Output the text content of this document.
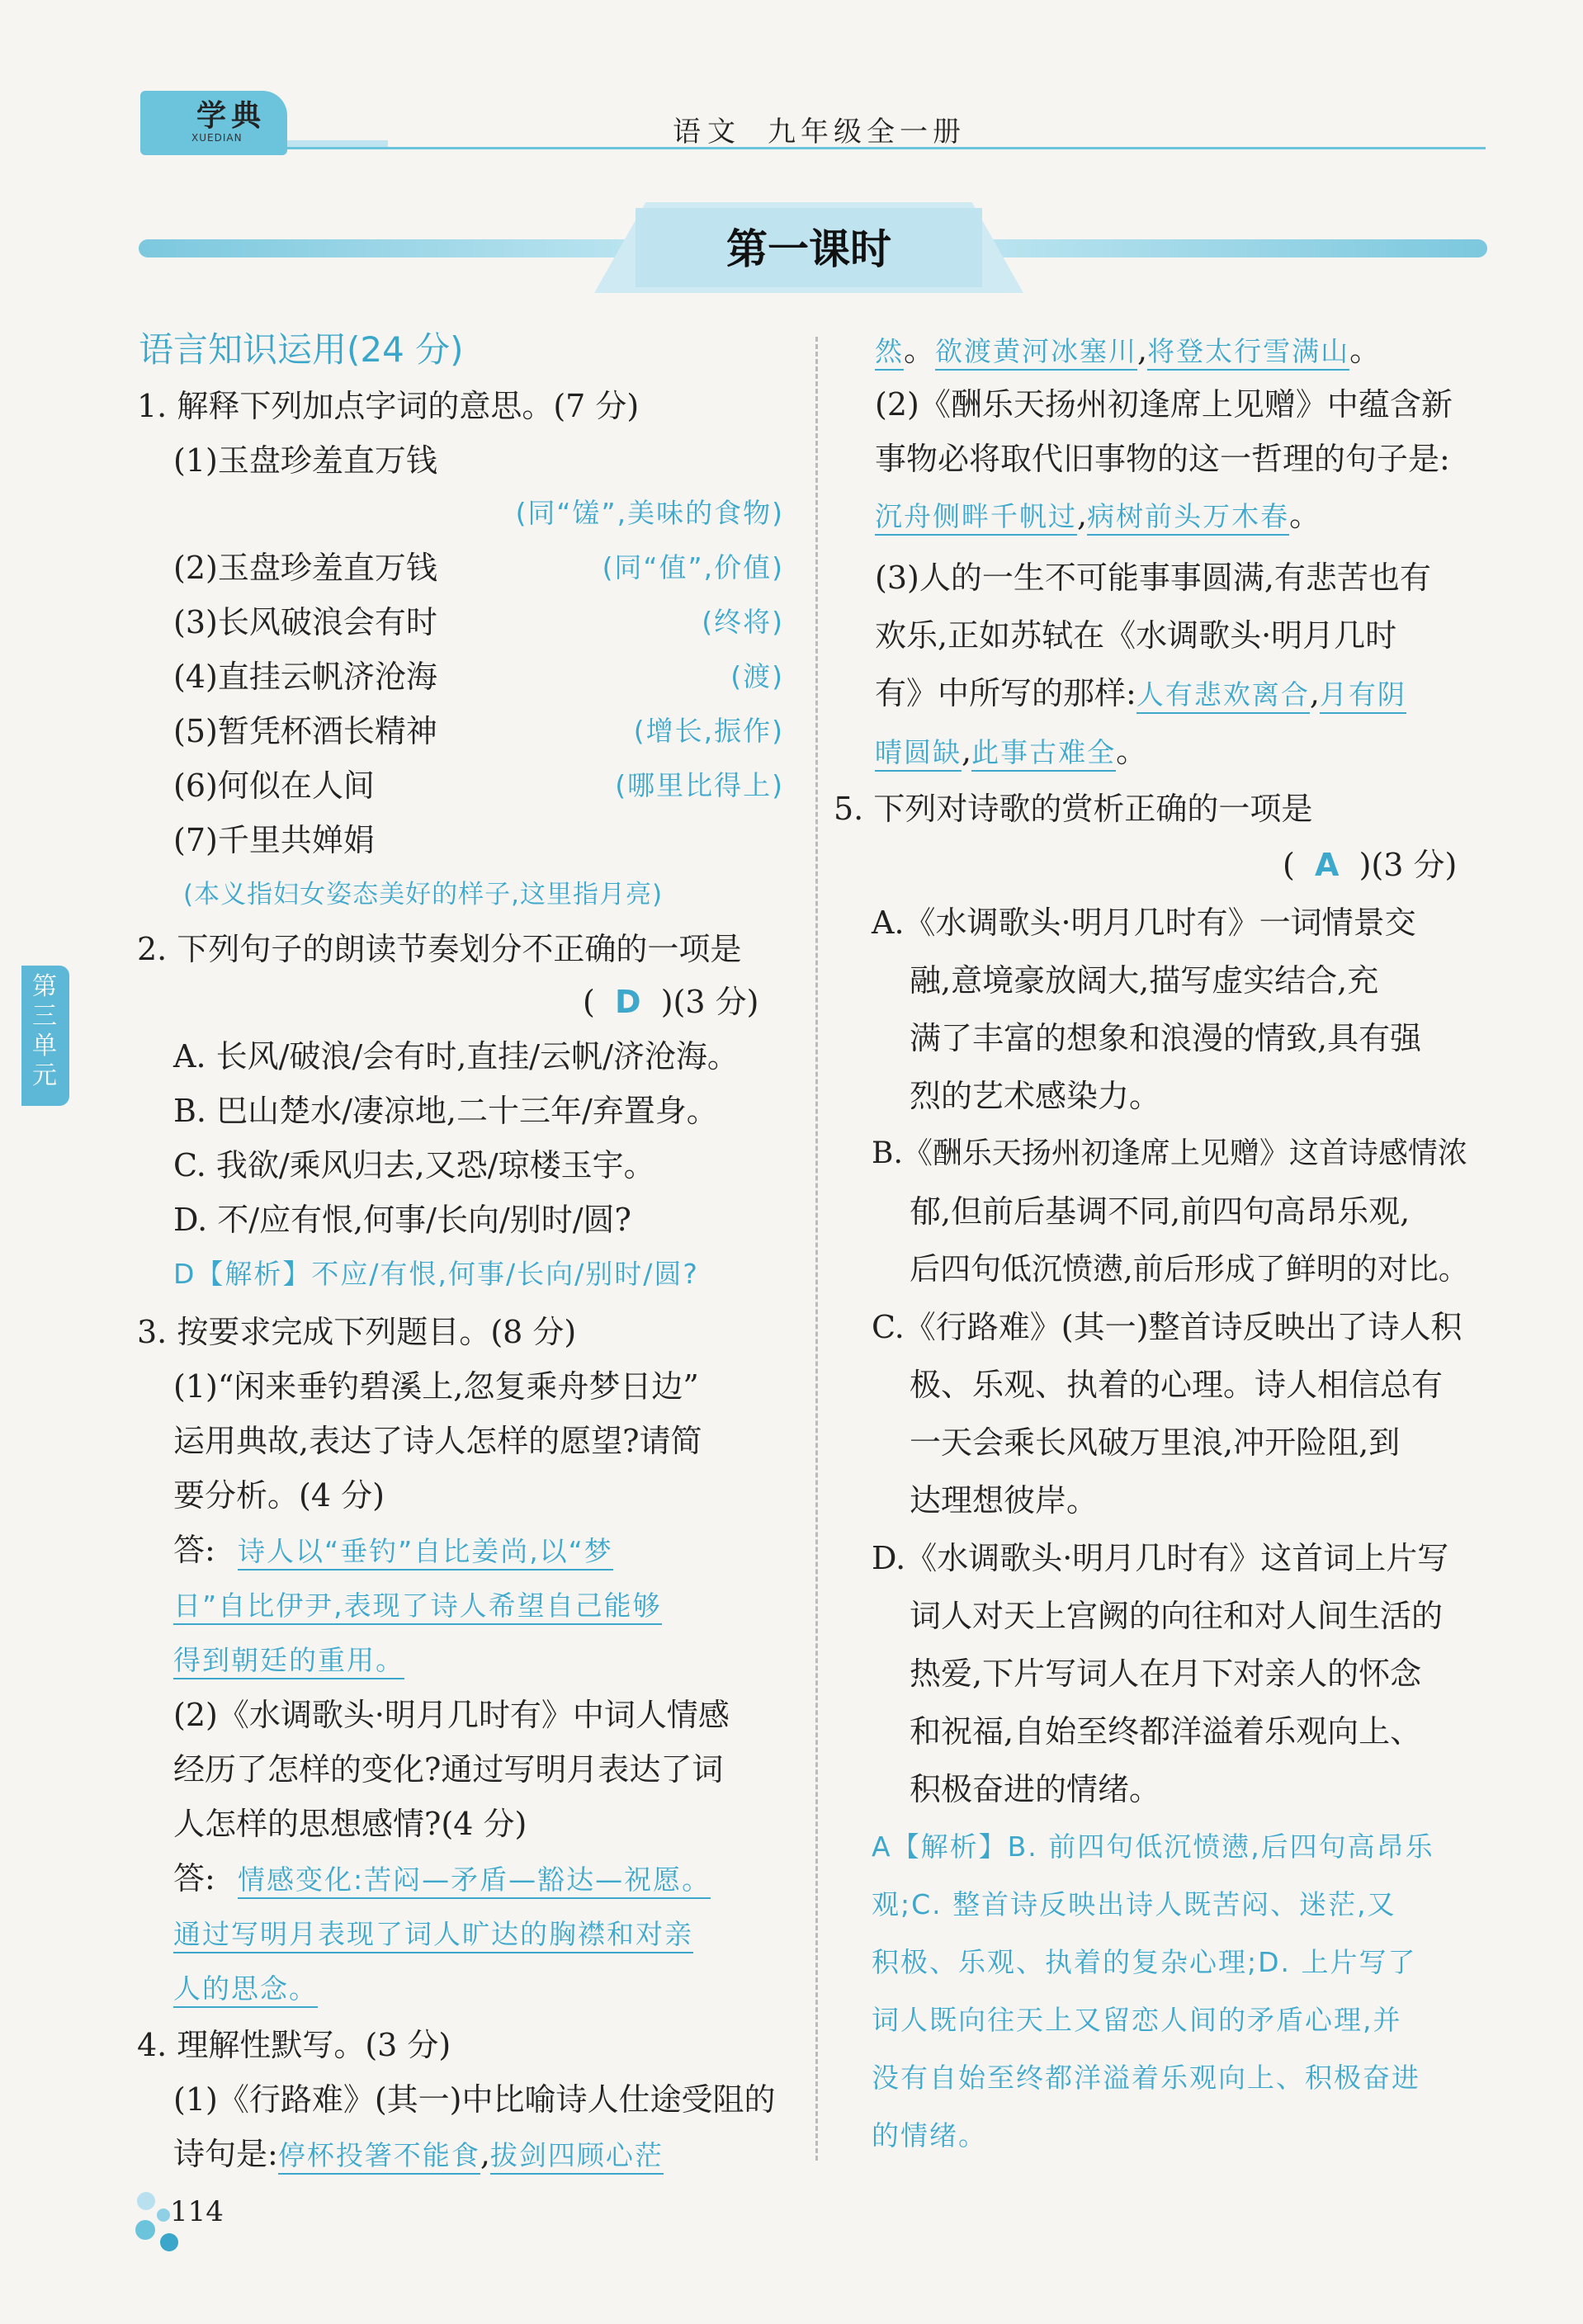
学典
XUEDIAN	语文 九年级全一册
第一课时
第三单元
语言知识运用(24 分)
1. 解释下列加点字词的意思。(7 分)
(1)玉盘珍羞直万钱
(同“馐”,美味的食物)
(2)玉盘珍羞直万钱	(同“值”,价值)
(3)长风破浪会有时	(终将)
(4)直挂云帆济沧海	(渡)
(5)暂凭杯酒长精神	(增长,振作)
(6)何似在人间	(哪里比得上)
(7)千里共婵娟
(本义指妇女姿态美好的样子,这里指月亮)
2. 下列句子的朗读节奏划分不正确的一项是
(  D  )(3 分)
A. 长风/破浪/会有时,直挂/云帆/济沧海。
B. 巴山楚水/凄凉地,二十三年/弃置身。
C. 我欲/乘风归去,又恐/琼楼玉宇。
D. 不/应有恨,何事/长向/别时/圆?
D【解析】不应/有恨,何事/长向/别时/圆?
3. 按要求完成下列题目。(8 分)
(1)“闲来垂钓碧溪上,忽复乘舟梦日边”
运用典故,表达了诗人怎样的愿望?请简
要分析。(4 分)
答: 诗人以“垂钓”自比姜尚,以“梦
日”自比伊尹,表现了诗人希望自己能够
得到朝廷的重用。
(2)《水调歌头·明月几时有》中词人情感
经历了怎样的变化?通过写明月表达了词
人怎样的思想感情?(4 分)
答: 情感变化:苦闷—矛盾—豁达—祝愿。
通过写明月表现了词人旷达的胸襟和对亲
人的思念。
4. 理解性默写。(3 分)
(1)《行路难》(其一)中比喻诗人仕途受阻的
诗句是:停杯投箸不能食,拔剑四顾心茫
然。欲渡黄河冰塞川,将登太行雪满山。
(2)《酬乐天扬州初逢席上见赠》中蕴含新
事物必将取代旧事物的这一哲理的句子是:
沉舟侧畔千帆过,病树前头万木春。
(3)人的一生不可能事事圆满,有悲苦也有
欢乐,正如苏轼在《水调歌头·明月几时
有》中所写的那样:人有悲欢离合,月有阴
晴圆缺,此事古难全。
5. 下列对诗歌的赏析正确的一项是
(  A  )(3 分)
A.《水调歌头·明月几时有》一词情景交
融,意境豪放阔大,描写虚实结合,充
满了丰富的想象和浪漫的情致,具有强
烈的艺术感染力。
B.《酬乐天扬州初逢席上见赠》这首诗感情浓
郁,但前后基调不同,前四句高昂乐观,
后四句低沉愤懑,前后形成了鲜明的对比。
C.《行路难》(其一)整首诗反映出了诗人积
极、乐观、执着的心理。诗人相信总有
一天会乘长风破万里浪,冲开险阻,到
达理想彼岸。
D.《水调歌头·明月几时有》这首词上片写
词人对天上宫阙的向往和对人间生活的
热爱,下片写词人在月下对亲人的怀念
和祝福,自始至终都洋溢着乐观向上、
积极奋进的情绪。
A【解析】B. 前四句低沉愤懑,后四句高昂乐
观;C. 整首诗反映出诗人既苦闷、迷茫,又
积极、乐观、执着的复杂心理;D. 上片写了
词人既向往天上又留恋人间的矛盾心理,并
没有自始至终都洋溢着乐观向上、积极奋进
的情绪。
114
